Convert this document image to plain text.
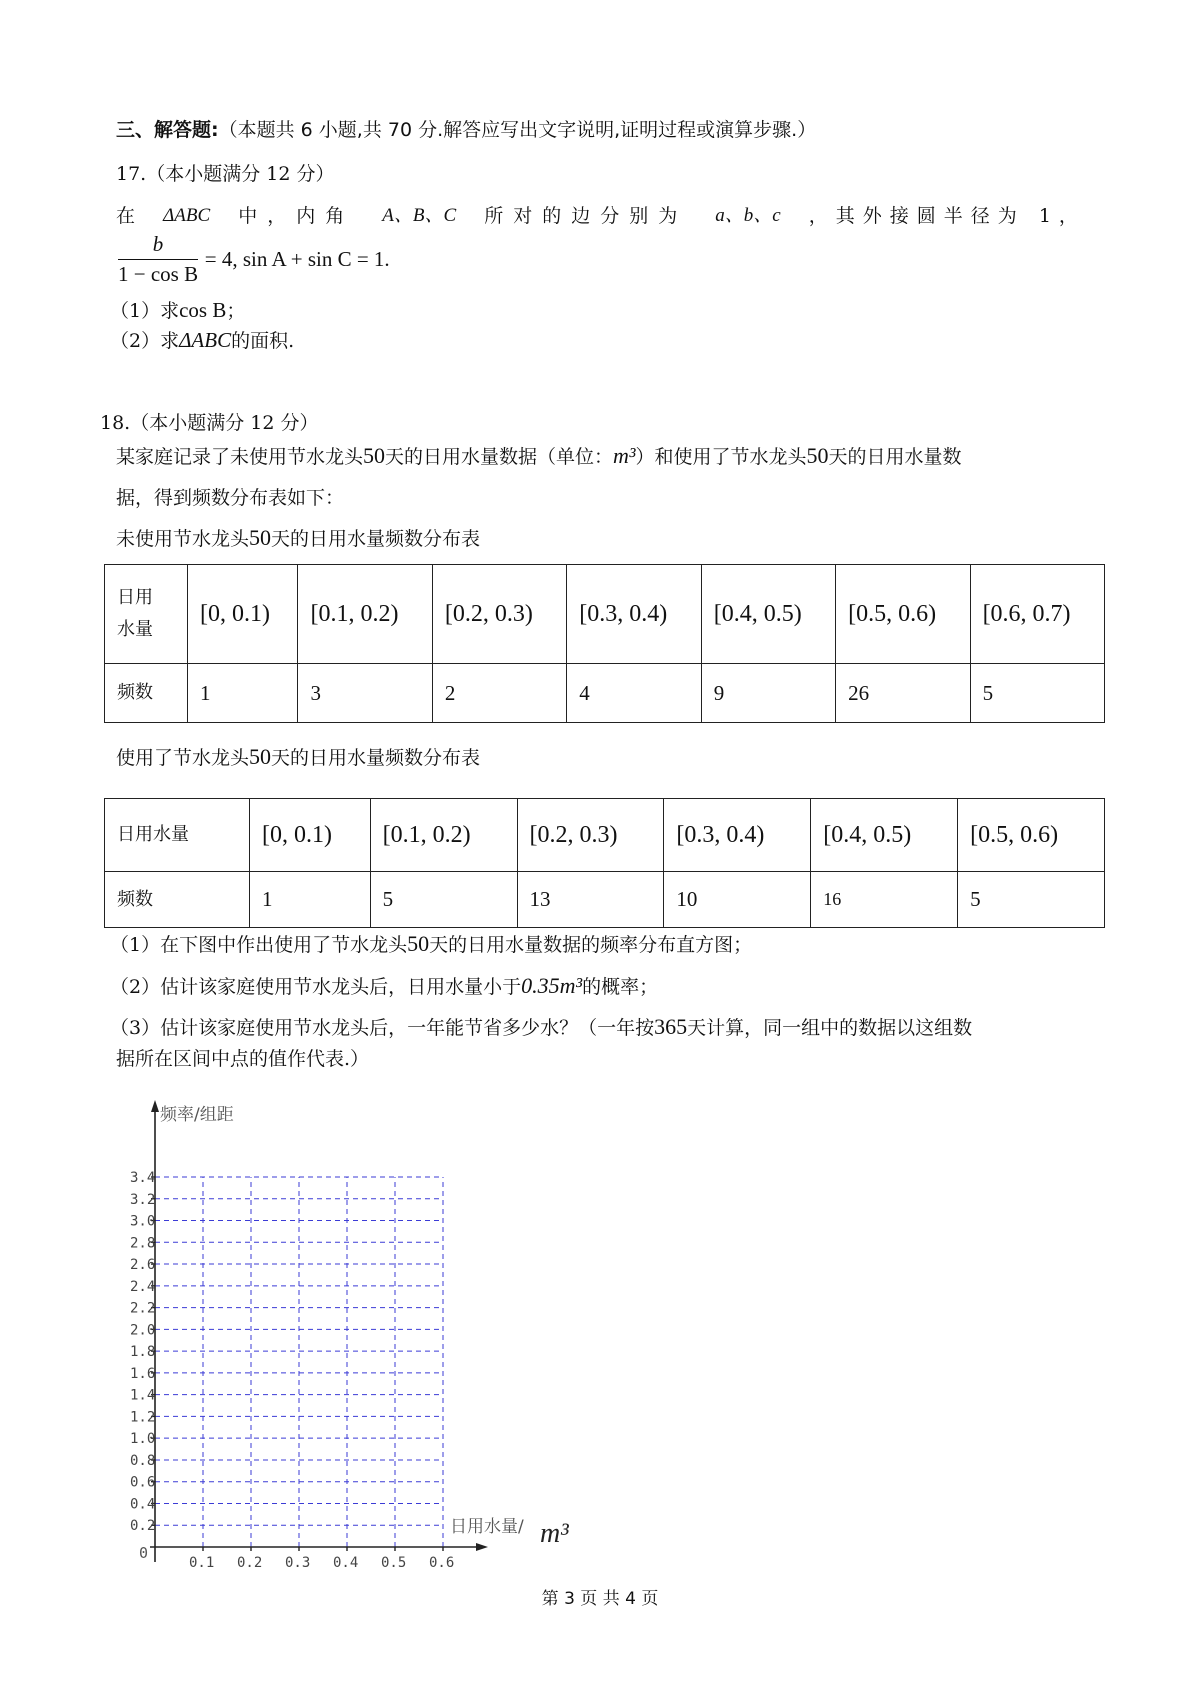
三、解答题:（本题共 6 小题,共 70 分.解答应写出文字说明,证明过程或演算步骤.）
17.（本小题满分 12 分）
在 ΔABC 中，内角 A、B、C 所对的边分别为 a、b、c ，其外接圆半径为 1，
$\frac{b}{\text{1 − cos B}} = 4$, sin A + sin C = 1.
（1）求cos B；
（2）求ΔABC的面积.
18.（本小题满分 12 分）
某家庭记录了未使用节水龙头50天的日用水量数据（单位：m³）和使用了节水龙头50天的日用水量数
据，得到频数分布表如下：
未使用节水龙头50天的日用水量频数分布表
日用
水量	[0, 0.1)	[0.1, 0.2)	[0.2, 0.3)	[0.3, 0.4)	[0.4, 0.5)	[0.5, 0.6)	[0.6, 0.7)
频数	1	3	2	4	9	26	5
使用了节水龙头50天的日用水量频数分布表
日用水量	[0, 0.1)	[0.1, 0.2)	[0.2, 0.3)	[0.3, 0.4)	[0.4, 0.5)	[0.5, 0.6)
频数	1	5	13	10	16	5
（1）在下图中作出使用了节水龙头50天的日用水量数据的频率分布直方图；
（2）估计该家庭使用节水龙头后，日用水量小于0.35m³的概率；
（3）估计该家庭使用节水龙头后，一年能节省多少水？（一年按365天计算，同一组中的数据以这组数
据所在区间中点的值作代表.）
0.2
0.4
0.6
0.8
1.0
1.2
1.4
1.6
1.8
2.0
2.2
2.4
2.6
2.8
3.0
3.2
3.4
0.1 0.2 0.3 0.4 0.5 0.6
0
频率/组距
日用水量/ m³
第 3 页 共 4 页
